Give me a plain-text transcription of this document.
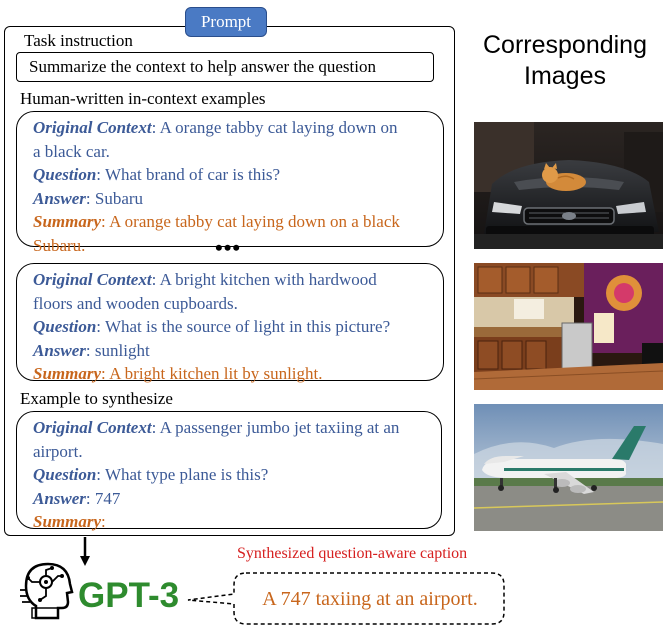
Prompt
Task instruction
Summarize the context to help answer the question
Human-written in-context examples
Original Context: A orange tabby cat laying down on
a black car.
Question: What brand of car is this?
Answer: Subaru
Summary: A orange tabby cat laying down on a black
Subaru.	•••
Original Context: A bright kitchen with hardwood
floors and wooden cupboards.
Question: What is the source of light in this picture?
Answer: sunlight
Summary: A bright kitchen lit by sunlight.
Example to synthesize
Original Context: A passenger jumbo jet taxiing at an
airport.
Question: What type plane is this?
Answer: 747
Summary:
Corresponding
Images
GPT-3
Synthesized question-aware caption
A 747 taxiing at an airport.
